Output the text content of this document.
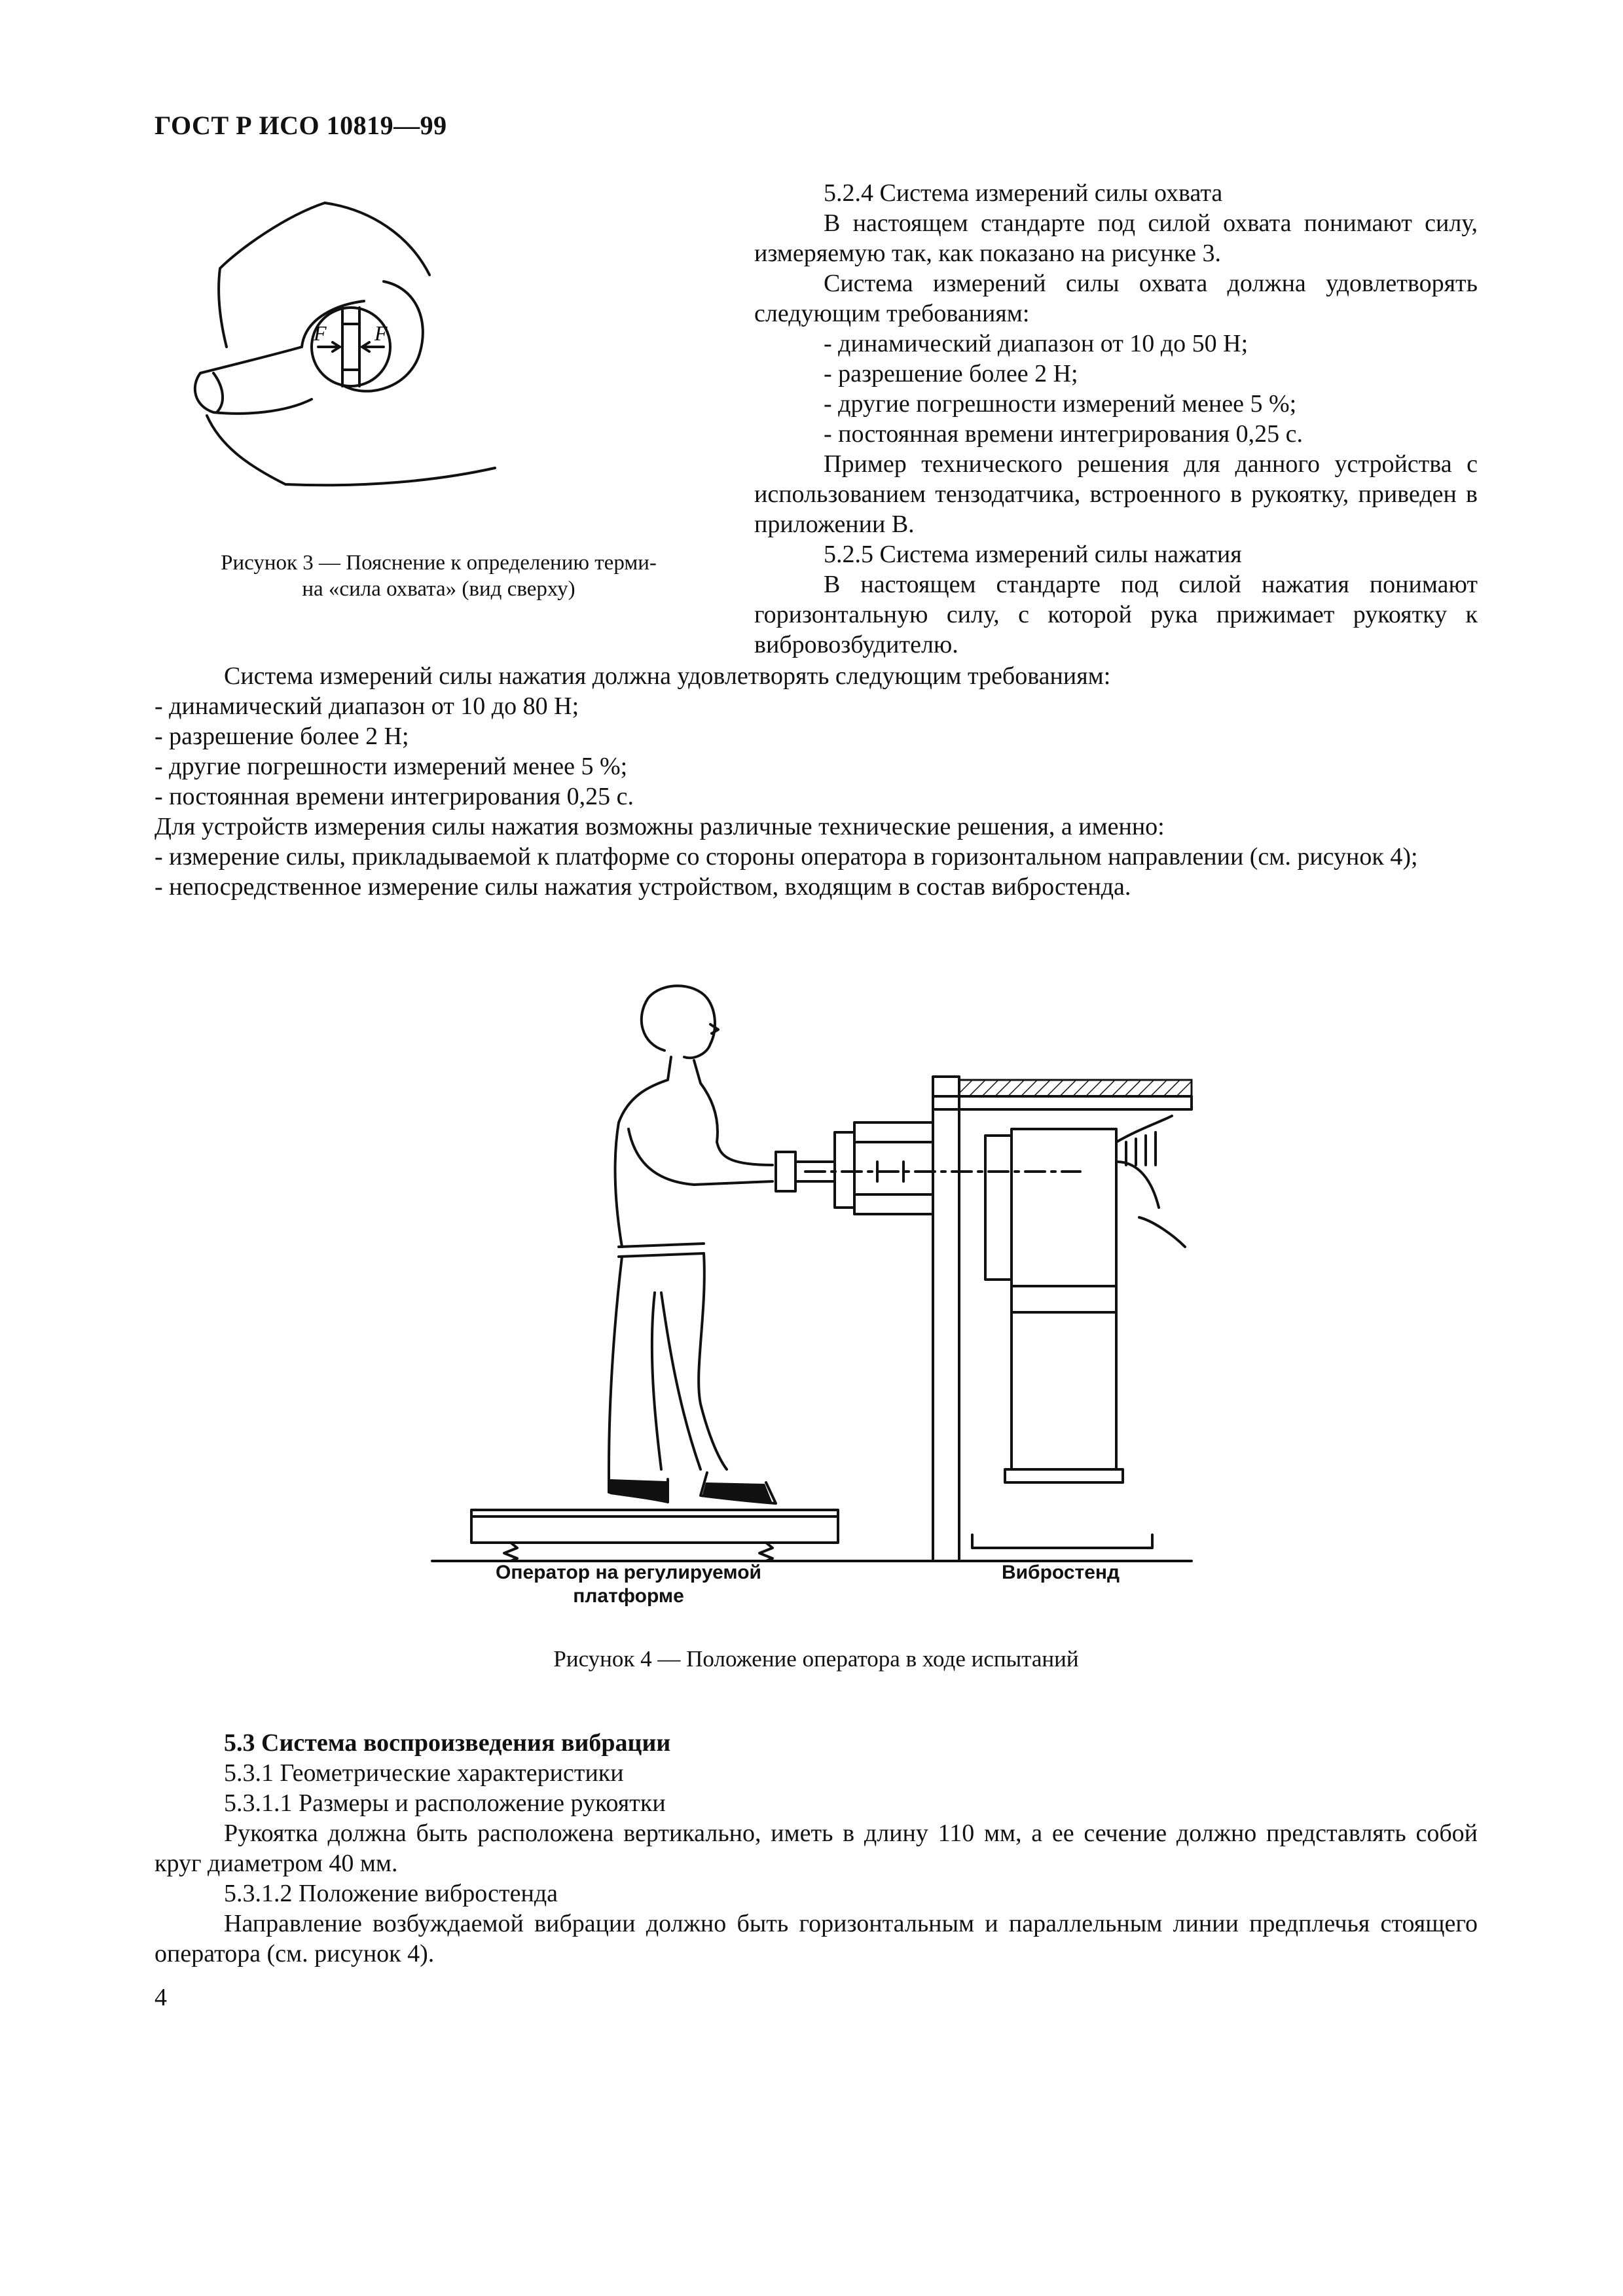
ГОСТ Р ИСО 10819—99
F F
Рисунок 3 — Пояснение к определению терми-
на «сила охвата» (вид сверху)

5.2.4 Система измерений силы охвата

В настоящем стандарте под силой охвата понимают силу, измеряемую так, как показано на рисунке 3.

Система измерений силы охвата должна удовлетворять следующим требованиям:

- динамический диапазон от 10 до 50 Н;

- разрешение более 2 Н;

- другие погрешности измерений менее 5 %;

- постоянная времени интегрирования 0,25 с.

Пример технического решения для данного устройства с использованием тензодатчика, встроенного в рукоятку, приведен в приложении В.

5.2.5 Система измерений силы нажатия

В настоящем стандарте под силой нажатия понимают горизонтальную силу, с которой рука прижимает рукоятку к вибровозбудителю.

Система измерений силы нажатия должна удовлетворять следующим требованиям:

- динамический диапазон от 10 до 80 Н;

- разрешение более 2 Н;

- другие погрешности измерений менее 5 %;

- постоянная времени интегрирования 0,25 с.

Для устройств измерения силы нажатия возможны различные технические решения, а именно:

- измерение силы, прикладываемой к платформе со стороны оператора в горизонтальном направлении (см. рисунок 4);

- непосредственное измерение силы нажатия устройством, входящим в состав вибростенда.

Оператор на регулируемой
платформе
Вибростенд
Рисунок 4 — Положение оператора в ходе испытаний

5.3 Система воспроизведения вибрации

5.3.1 Геометрические характеристики

5.3.1.1 Размеры и расположение рукоятки

Рукоятка должна быть расположена вертикально, иметь в длину 110 мм, а ее сечение должно представлять собой круг диаметром 40 мм.

5.3.1.2 Положение вибростенда

Направление возбуждаемой вибрации должно быть горизонтальным и параллельным линии предплечья стоящего оператора (см. рисунок 4).

4
